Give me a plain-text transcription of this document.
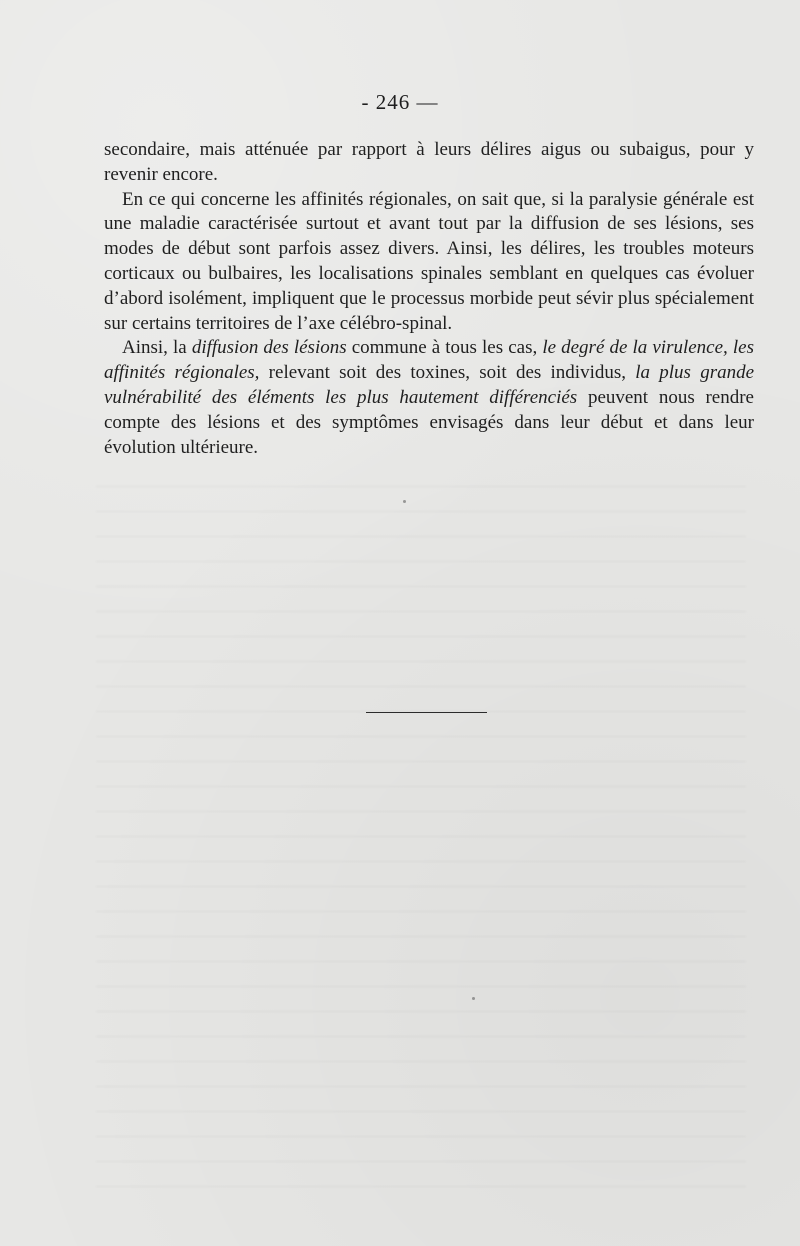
- 246 —

secondaire, mais atténuée par rapport à leurs délires aigus ou subaigus, pour y revenir encore.

En ce qui concerne les affinités régionales, on sait que, si la paralysie générale est une maladie caractérisée surtout et avant tout par la diffusion de ses lésions, ses modes de début sont parfois assez divers. Ainsi, les délires, les troubles moteurs corticaux ou bulbaires, les localisations spinales semblant en quelques cas évoluer d’abord isolément, impliquent que le processus morbide peut sévir plus spécialement sur certains territoires de l’axe célébro-spinal.

Ainsi, la diffusion des lésions commune à tous les cas, le degré de la virulence, les affinités régionales, relevant soit des toxines, soit des individus, la plus grande vulnérabilité des éléments les plus hautement différenciés peuvent nous rendre compte des lésions et des symptômes envisagés dans leur début et dans leur évolution ultérieure.
